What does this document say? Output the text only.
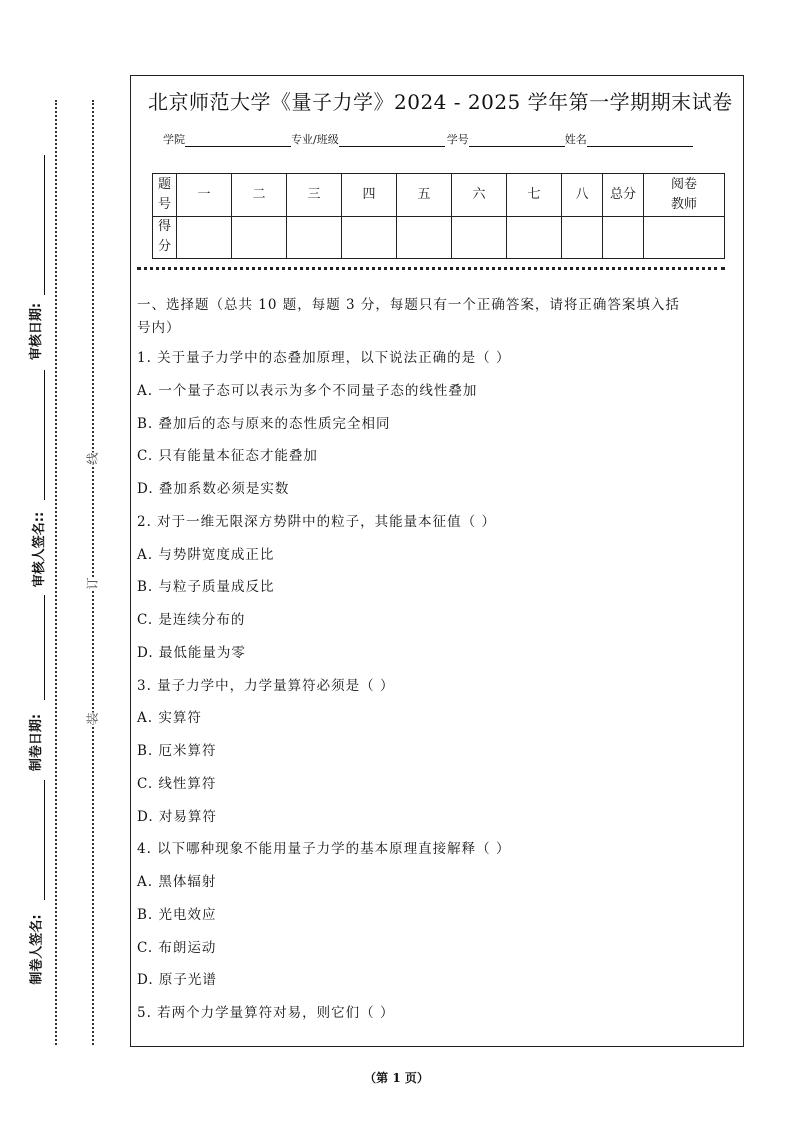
审核日期:
审核人签名::
制卷日期:
制卷人签名:
线
订
装
北京师范大学《量子力学》2024 - 2025 学年第一学期期末试卷
学院	专业/班级	学号	姓名
题号	一	二	三	四	五	六	七	八	总分	阅卷教师

得分										

一、选择题（总共 10 题，每题 3 分，每题只有一个正确答案，请将正确答案填入括
号内）
1. 关于量子力学中的态叠加原理，以下说法正确的是（ ）
A. 一个量子态可以表示为多个不同量子态的线性叠加
B. 叠加后的态与原来的态性质完全相同
C. 只有能量本征态才能叠加
D. 叠加系数必须是实数
2. 对于一维无限深方势阱中的粒子，其能量本征值（ ）
A. 与势阱宽度成正比
B. 与粒子质量成反比
C. 是连续分布的
D. 最低能量为零
3. 量子力学中，力学量算符必须是（ ）
A. 实算符
B. 厄米算符
C. 线性算符
D. 对易算符
4. 以下哪种现象不能用量子力学的基本原理直接解释（ ）
A. 黑体辐射
B. 光电效应
C. 布朗运动
D. 原子光谱
5. 若两个力学量算符对易，则它们（ ）
（第 1 页）
